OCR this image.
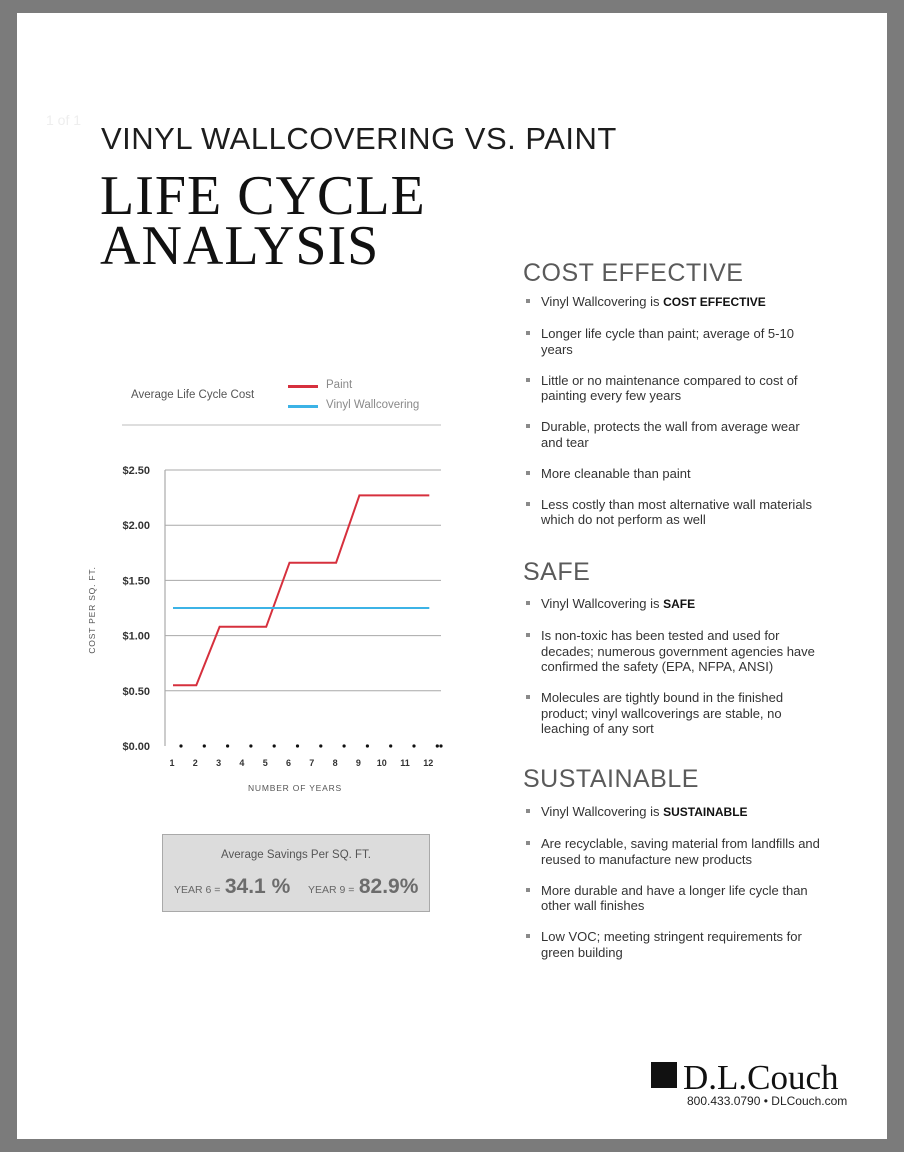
1 of 1
VINYL WALLCOVERING VS. PAINT
LIFE CYCLE
ANALYSIS
Average Life Cycle Cost
Paint
Vinyl Wallcovering
$0.00
$0.50
$1.00
$1.50
$2.00
$2.50
1 2 3 4 5 6 7 8 9 10 11 12
NUMBER OF YEARS
COST PER SQ. FT.
Average Savings Per SQ. FT.
YEAR 6 = 34.1 % YEAR 9 = 82.9%
COST EFFECTIVE
Vinyl Wallcovering is COST EFFECTIVE
Longer life cycle than paint; average of 5-10 years
Little or no maintenance compared to cost of painting every few years
Durable, protects the wall from average wear and tear
More cleanable than paint
Less costly than most alternative wall materials which do not perform as well
SAFE
Vinyl Wallcovering is SAFE
Is non-toxic has been tested and used for decades; numerous government agencies have confirmed the safety (EPA, NFPA, ANSI)
Molecules are tightly bound in the finished product; vinyl wallcoverings are stable, no leaching of any sort
SUSTAINABLE
Vinyl Wallcovering is SUSTAINABLE
Are recyclable, saving material from landfills and reused to manufacture new products
More durable and have a longer life cycle than other wall finishes
Low VOC; meeting stringent requirements for green building
D.L.Couch
800.433.0790 • DLCouch.com
